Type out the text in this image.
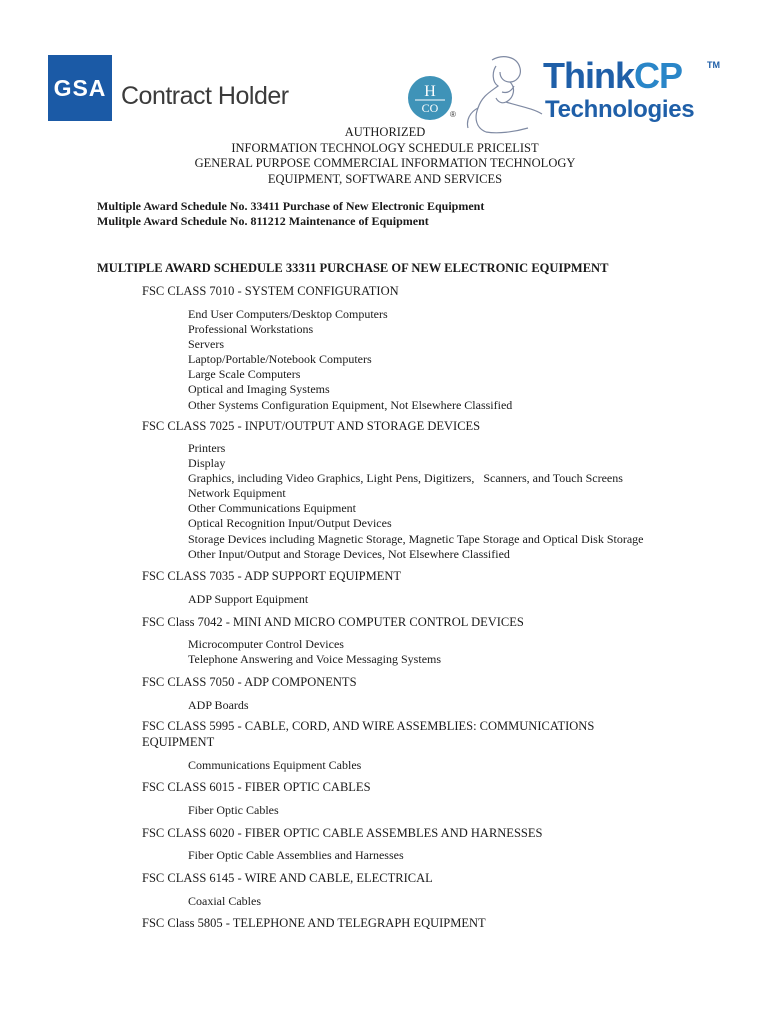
GSA Contract Holder	H
CO ®
ThinkCP	TM
Technologies
AUTHORIZED
INFORMATION TECHNOLOGY SCHEDULE PRICELIST
GENERAL PURPOSE COMMERCIAL INFORMATION TECHNOLOGY
EQUIPMENT, SOFTWARE AND SERVICES
Multiple Award Schedule No. 33411 Purchase of New Electronic Equipment
Mulitple Award Schedule No. 811212 Maintenance of Equipment
MULTIPLE AWARD SCHEDULE 33311 PURCHASE OF NEW ELECTRONIC EQUIPMENT
FSC CLASS 7010 - SYSTEM CONFIGURATION
End User Computers/Desktop Computers
Professional Workstations
Servers
Laptop/Portable/Notebook Computers
Large Scale Computers
Optical and Imaging Systems
Other Systems Configuration Equipment, Not Elsewhere Classified
FSC CLASS 7025 - INPUT/OUTPUT AND STORAGE DEVICES
Printers
Display
Graphics, including Video Graphics, Light Pens, Digitizers,   Scanners, and Touch Screens
Network Equipment
Other Communications Equipment
Optical Recognition Input/Output Devices
Storage Devices including Magnetic Storage, Magnetic Tape Storage and Optical Disk Storage
Other Input/Output and Storage Devices, Not Elsewhere Classified
FSC CLASS 7035 - ADP SUPPORT EQUIPMENT
ADP Support Equipment
FSC Class 7042 - MINI AND MICRO COMPUTER CONTROL DEVICES
Microcomputer Control Devices
Telephone Answering and Voice Messaging Systems
FSC CLASS 7050 - ADP COMPONENTS
ADP Boards
FSC CLASS 5995 - CABLE, CORD, AND WIRE ASSEMBLIES: COMMUNICATIONS
EQUIPMENT
Communications Equipment Cables
FSC CLASS 6015 - FIBER OPTIC CABLES
Fiber Optic Cables
FSC CLASS 6020 - FIBER OPTIC CABLE ASSEMBLES AND HARNESSES
Fiber Optic Cable Assemblies and Harnesses
FSC CLASS 6145 - WIRE AND CABLE, ELECTRICAL
Coaxial Cables
FSC Class 5805 - TELEPHONE AND TELEGRAPH EQUIPMENT
